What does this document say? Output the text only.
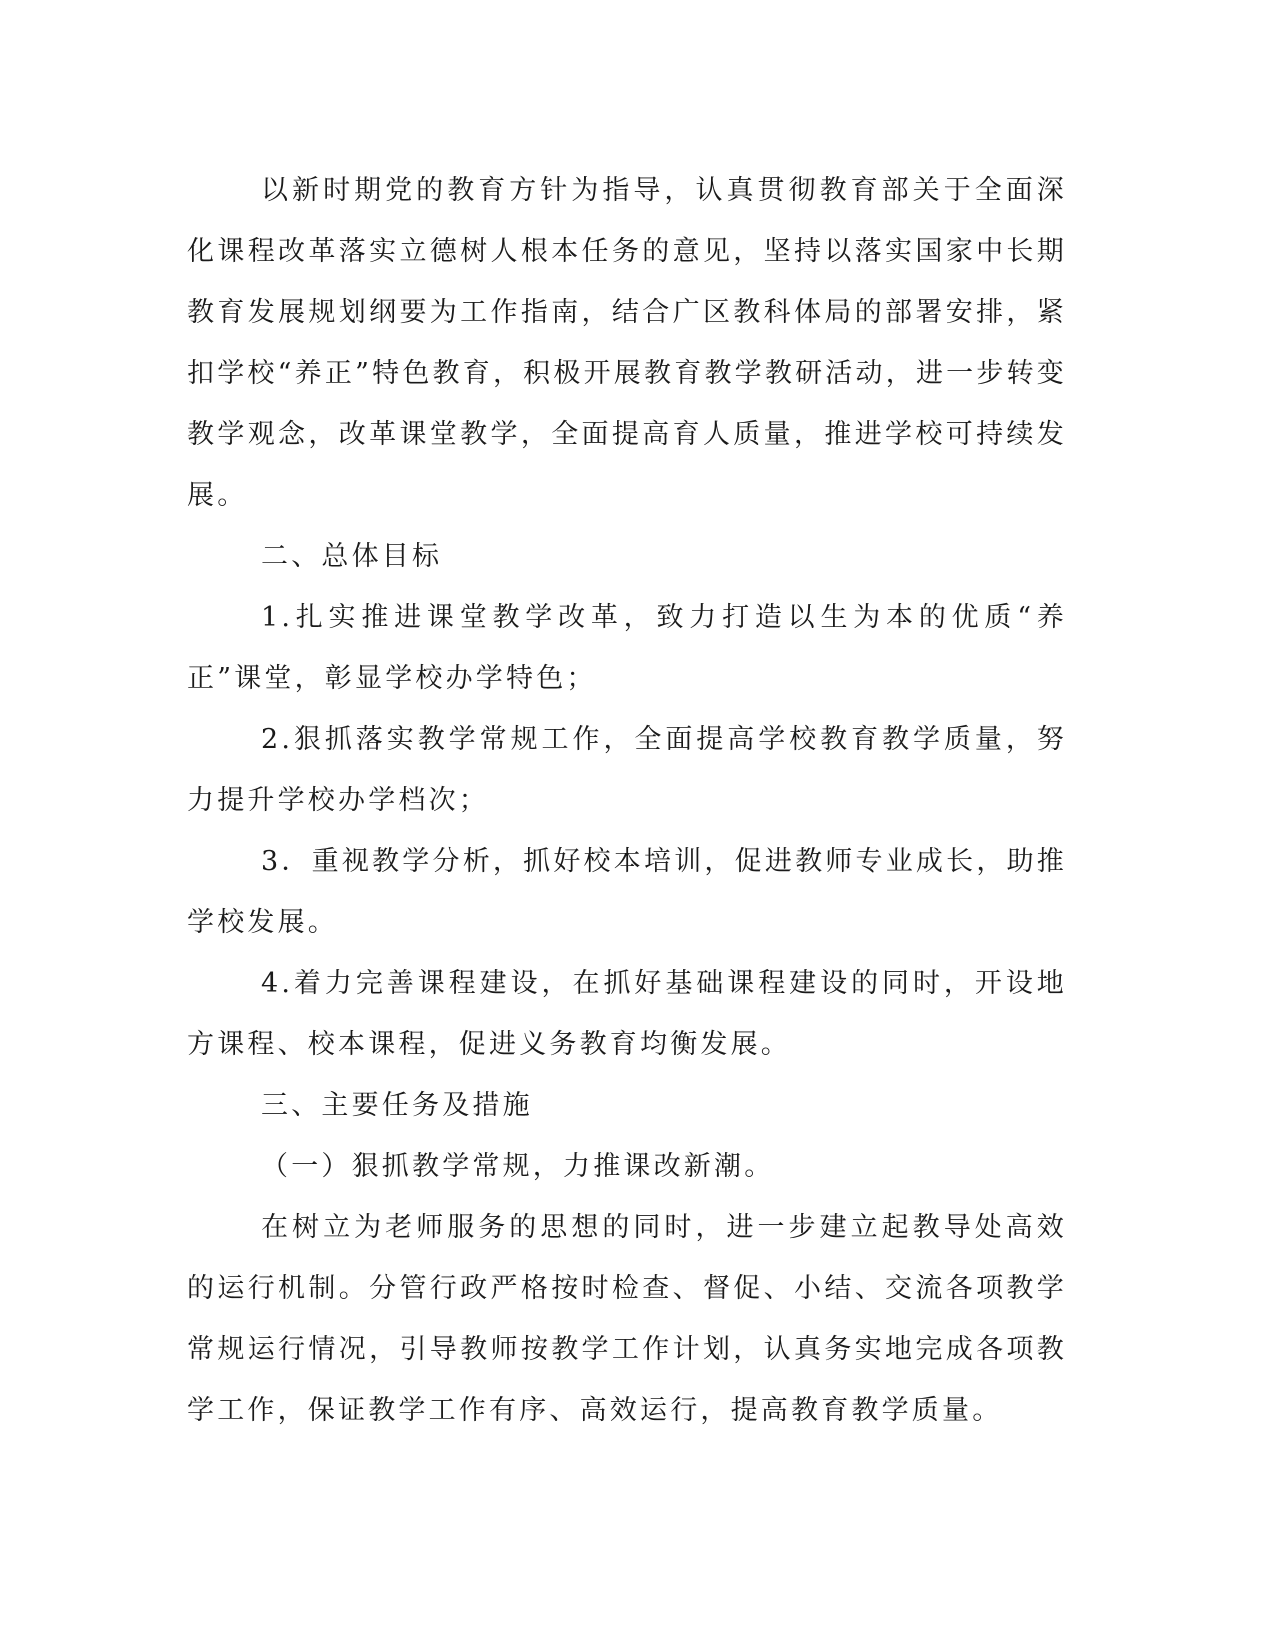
以新时期党的教育方针为指导，认真贯彻教育部关于全面深化课程改革落实立德树人根本任务的意见，坚持以落实国家中长期教育发展规划纲要为工作指南，结合广区教科体局的部署安排，紧扣学校“养正”特色教育，积极开展教育教学教研活动，进一步转变教学观念，改革课堂教学，全面提高育人质量，推进学校可持续发展。

二、总体目标

1.扎实推进课堂教学改革，致力打造以生为本的优质“养正”课堂，彰显学校办学特色；

2.狠抓落实教学常规工作，全面提高学校教育教学质量，努力提升学校办学档次；

3．重视教学分析，抓好校本培训，促进教师专业成长，助推学校发展。

4.着力完善课程建设，在抓好基础课程建设的同时，开设地方课程、校本课程，促进义务教育均衡发展。

三、主要任务及措施

（一）狠抓教学常规，力推课改新潮。

在树立为老师服务的思想的同时，进一步建立起教导处高效的运行机制。分管行政严格按时检查、督促、小结、交流各项教学常规运行情况，引导教师按教学工作计划，认真务实地完成各项教学工作，保证教学工作有序、高效运行，提高教育教学质量。
